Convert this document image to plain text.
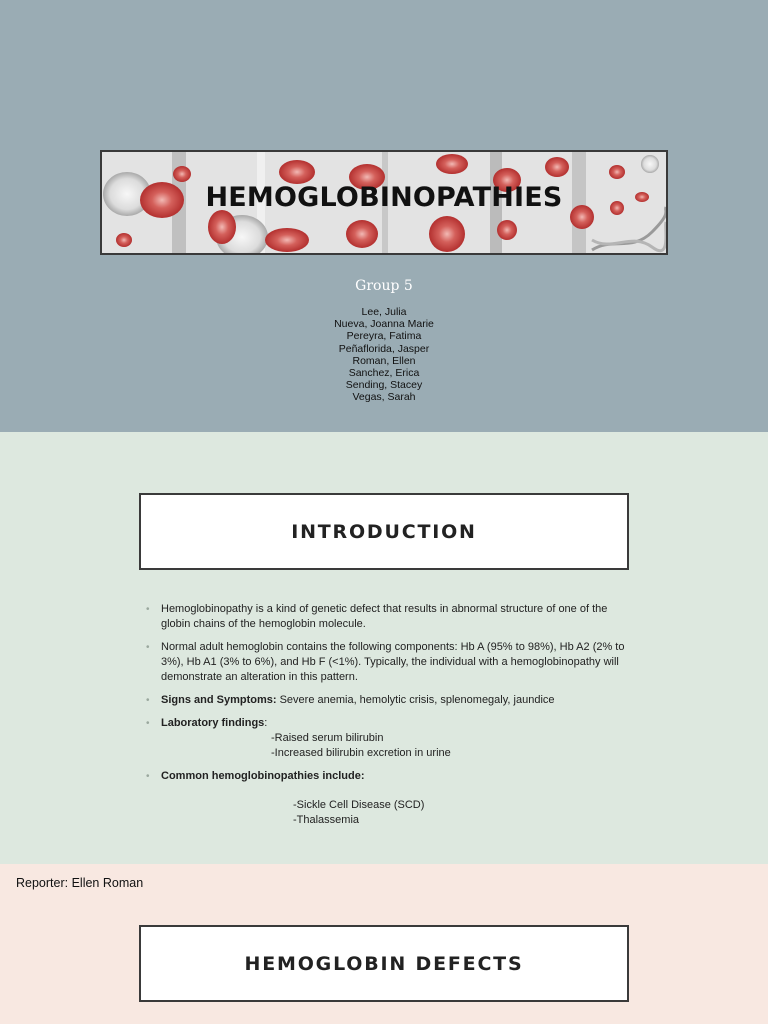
HEMOGLOBINOPATHIES
Group 5
Lee, Julia
Nueva, Joanna Marie
Pereyra, Fatima
Peñaflorida, Jasper
Roman, Ellen
Sanchez, Erica
Sending, Stacey
Vegas, Sarah
INTRODUCTION
• Hemoglobinopathy is a kind of genetic defect that results in abnormal structure of one of the globin chains of the hemoglobin molecule.
• Normal adult hemoglobin contains the following components: Hb A (95% to 98%), Hb A2 (2% to 3%), Hb A1 (3% to 6%), and Hb F (<1%). Typically, the individual with a hemoglobinopathy will demonstrate an alteration in this pattern.
• Signs and Symptoms: Severe anemia, hemolytic crisis, splenomegaly, jaundice
• Laboratory findings:
-Raised serum bilirubin
-Increased bilirubin excretion in urine
• Common hemoglobinopathies include:
-Sickle Cell Disease (SCD)
-Thalassemia
Reporter: Ellen Roman
HEMOGLOBIN DEFECTS
